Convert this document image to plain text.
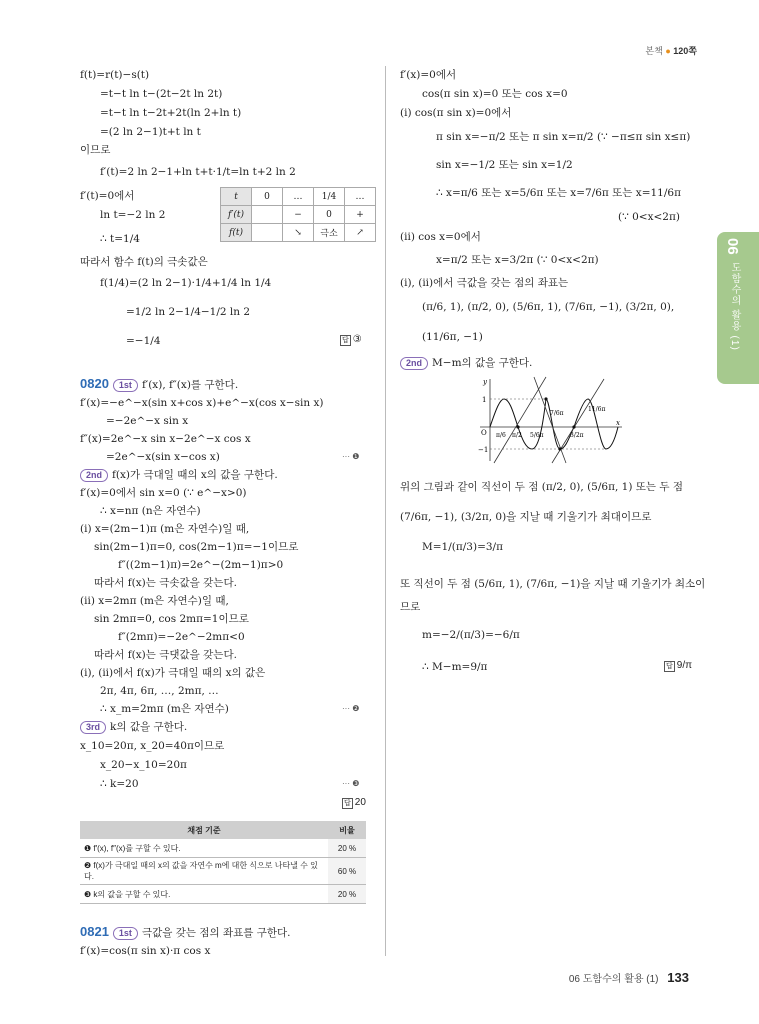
본책 ● 120쪽
06
도함수의 활용 (1)
f(t)=r(t)−s(t)
=t−t ln t−(2t−2t ln 2t)
=t−t ln t−2t+2t(ln 2+ln t)
=(2 ln 2−1)t+t ln t
이므로
f′(t)=2 ln 2−1+ln t+t·1/t=ln t+2 ln 2
f′(t)=0에서
ln t=−2 ln 2
∴ t=1/4
따라서 함수 f(t)의 극솟값은
f(1/4)=(2 ln 2−1)·1/4+1/4 ln 1/4
=1/2 ln 2−1/4−1/2 ln 2
=−1/4	답 ③
t	0	…	1/4	…
f′(t)		−	0	+
f(t)		↘	극소	↗
0820 1st f′(x), f″(x)를 구한다.
f′(x)=−e^−x(sin x+cos x)+e^−x(cos x−sin x)
=−2e^−x sin x
f″(x)=2e^−x sin x−2e^−x cos x
=2e^−x(sin x−cos x)	··· ❶
2nd f(x)가 극대일 때의 x의 값을 구한다.
f′(x)=0에서 sin x=0 (∵ e^−x>0)
∴ x=nπ (n은 자연수)
(i) x=(2m−1)π (m은 자연수)일 때,
sin(2m−1)π=0, cos(2m−1)π=−1이므로
f″((2m−1)π)=2e^−(2m−1)π>0
따라서 f(x)는 극솟값을 갖는다.
(ii) x=2mπ (m은 자연수)일 때,
sin 2mπ=0, cos 2mπ=1이므로
f″(2mπ)=−2e^−2mπ<0
따라서 f(x)는 극댓값을 갖는다.
(i), (ii)에서 f(x)가 극대일 때의 x의 값은
2π, 4π, 6π, …, 2mπ, …
∴ x_m=2mπ (m은 자연수)	··· ❷
3rd k의 값을 구한다.
x_10=20π, x_20=40π이므로
x_20−x_10=20π
∴ k=20	··· ❸
답 20
채점 기준	비율
❶ f′(x), f″(x)를 구할 수 있다.	20 %
❷ f(x)가 극대일 때의 x의 값을 자연수 m에 대한 식으로 나타낼 수 있다.	60 %
❸ k의 값을 구할 수 있다.	20 %
0821 1st 극값을 갖는 점의 좌표를 구한다.
f′(x)=cos(π sin x)·π cos x
f′(x)=0에서
cos(π sin x)=0 또는 cos x=0
(i) cos(π sin x)=0에서
π sin x=−π/2 또는 π sin x=π/2 (∵ −π≤π sin x≤π)
sin x=−1/2 또는 sin x=1/2
∴ x=π/6 또는 x=5/6π 또는 x=7/6π 또는 x=11/6π
(∵ 0<x<2π)
(ii) cos x=0에서
x=π/2 또는 x=3/2π (∵ 0<x<2π)
(i), (ii)에서 극값을 갖는 점의 좌표는
(π/6, 1), (π/2, 0), (5/6π, 1), (7/6π, −1), (3/2π, 0),
(11/6π, −1)
2nd M−m의 값을 구한다.
y
x
O
1
−1
π/6 π/2 5/6π
7/6π
3/2π
11/6π
위의 그림과 같이 직선이 두 점 (π/2, 0), (5/6π, 1) 또는 두 점
(7/6π, −1), (3/2π, 0)을 지날 때 기울기가 최대이므로
M=1/(π/3)=3/π
또 직선이 두 점 (5/6π, 1), (7/6π, −1)을 지날 때 기울기가 최소이
므로
m=−2/(π/3)=−6/π
∴ M−m=9/π	답 9/π
06 도함수의 활용 (1) 133
